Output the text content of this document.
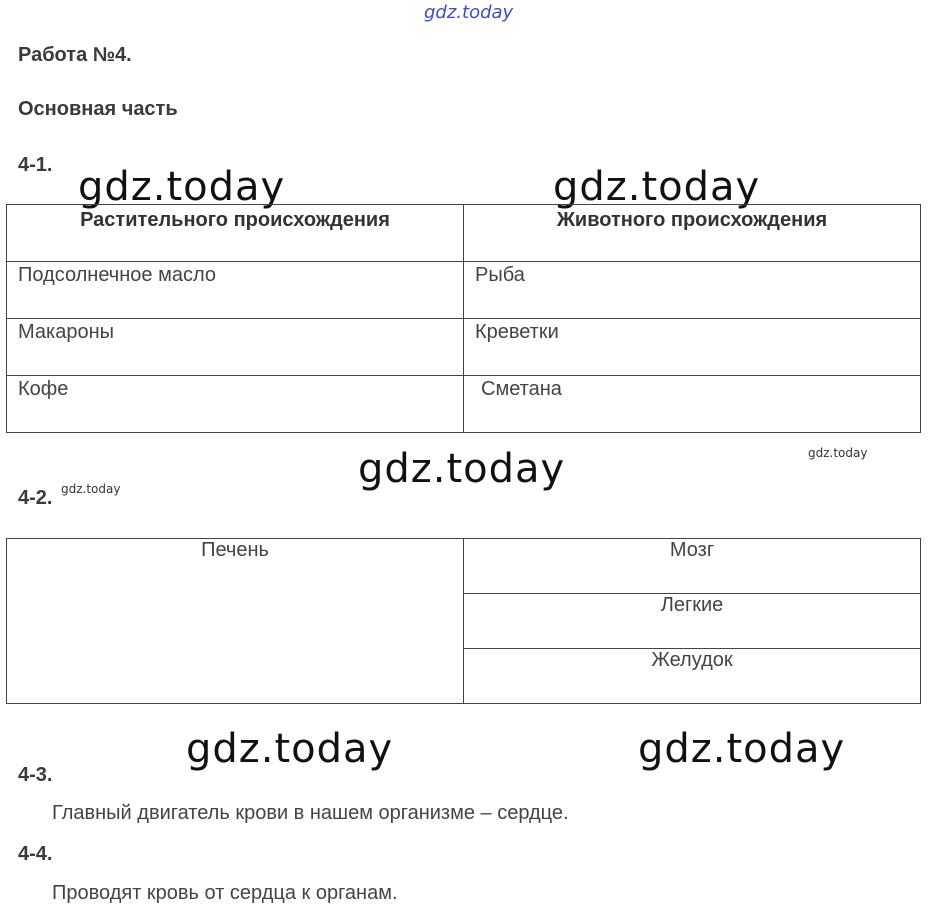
gdz.today
Работа №4.
Основная часть
4-1. gdz.today	gdz.today
Растительного происхождения	Животного происхождения
Подсолнечное масло	Рыба
Макароны	Креветки
Кофе	Сметана
gdz.today
gdz.today
4-2. gdz.today
Печень	Мозг
Легкие
Желудок
gdz.today	gdz.today
4-3.
Главный двигатель крови в нашем организме – сердце.
4-4.
Проводят кровь от сердца к органам.
